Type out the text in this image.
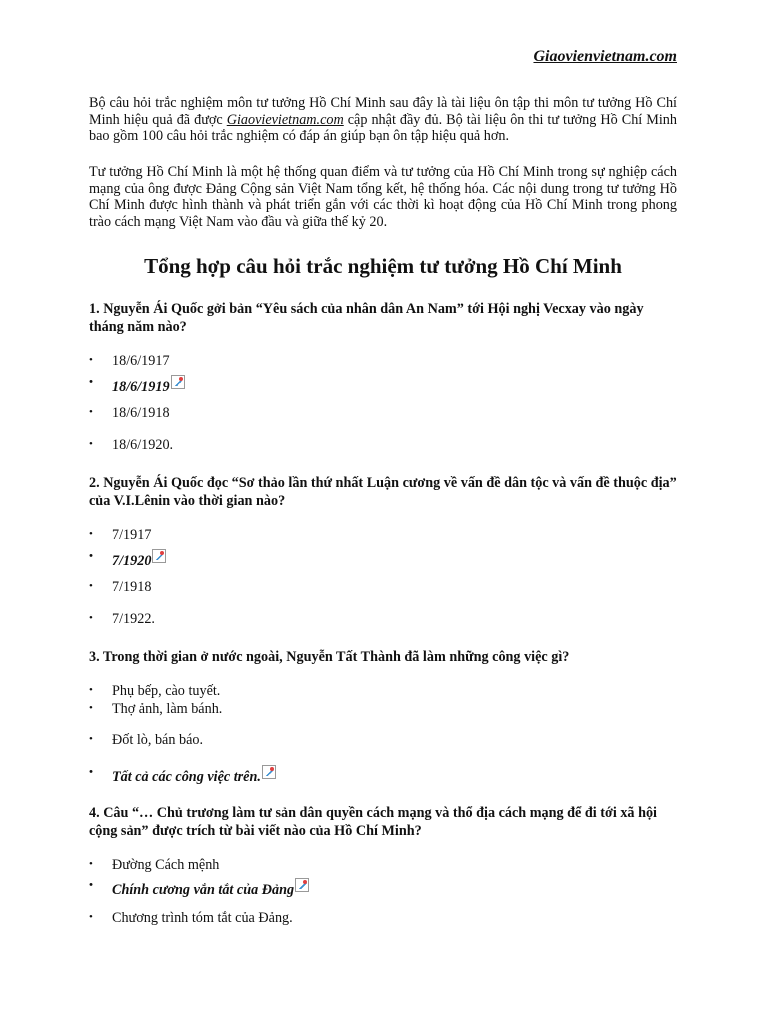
Giaovienvietnam.com

Bộ câu hỏi trắc nghiệm môn tư tưởng Hồ Chí Minh sau đây là tài liệu ôn tập thi môn tư tưởng Hồ Chí Minh hiệu quả đã được Giaovievietnam.com cập nhật đầy đủ. Bộ tài liệu ôn thi tư tưởng Hồ Chí Minh bao gồm 100 câu hỏi trắc nghiệm có đáp án giúp bạn ôn tập hiệu quả hơn.

Tư tưởng Hồ Chí Minh là một hệ thống quan điểm và tư tưởng của Hồ Chí Minh trong sự nghiệp cách mạng của ông được Đảng Cộng sản Việt Nam tổng kết, hệ thống hóa. Các nội dung trong tư tưởng Hồ Chí Minh được hình thành và phát triển gắn với các thời kì hoạt động của Hồ Chí Minh trong phong trào cách mạng Việt Nam vào đầu và giữa thế kỷ 20.

Tổng hợp câu hỏi trắc nghiệm tư tưởng Hồ Chí Minh

1. Nguyễn Ái Quốc gởi bản “Yêu sách của nhân dân An Nam” tới Hội nghị Vecxay vào ngày tháng năm nào?

• 18/6/1917
• 18/6/1919
• 18/6/1918
• 18/6/1920.

2. Nguyễn Ái Quốc đọc “Sơ thảo lần thứ nhất Luận cương về vấn đề dân tộc và vấn đề thuộc địa” của V.I.Lênin vào thời gian nào?

• 7/1917
• 7/1920
• 7/1918
• 7/1922.

3. Trong thời gian ở nước ngoài, Nguyễn Tất Thành đã làm những công việc gì?

• Phụ bếp, cào tuyết.
• Thợ ảnh, làm bánh.
• Đốt lò, bán báo.
• Tất cả các công việc trên.

4. Câu “… Chủ trương làm tư sản dân quyền cách mạng và thổ địa cách mạng để đi tới xã hội cộng sản” được trích từ bài viết nào của Hồ Chí Minh?

• Đường Cách mệnh
• Chính cương vắn tắt của Đảng
• Chương trình tóm tắt của Đảng.
